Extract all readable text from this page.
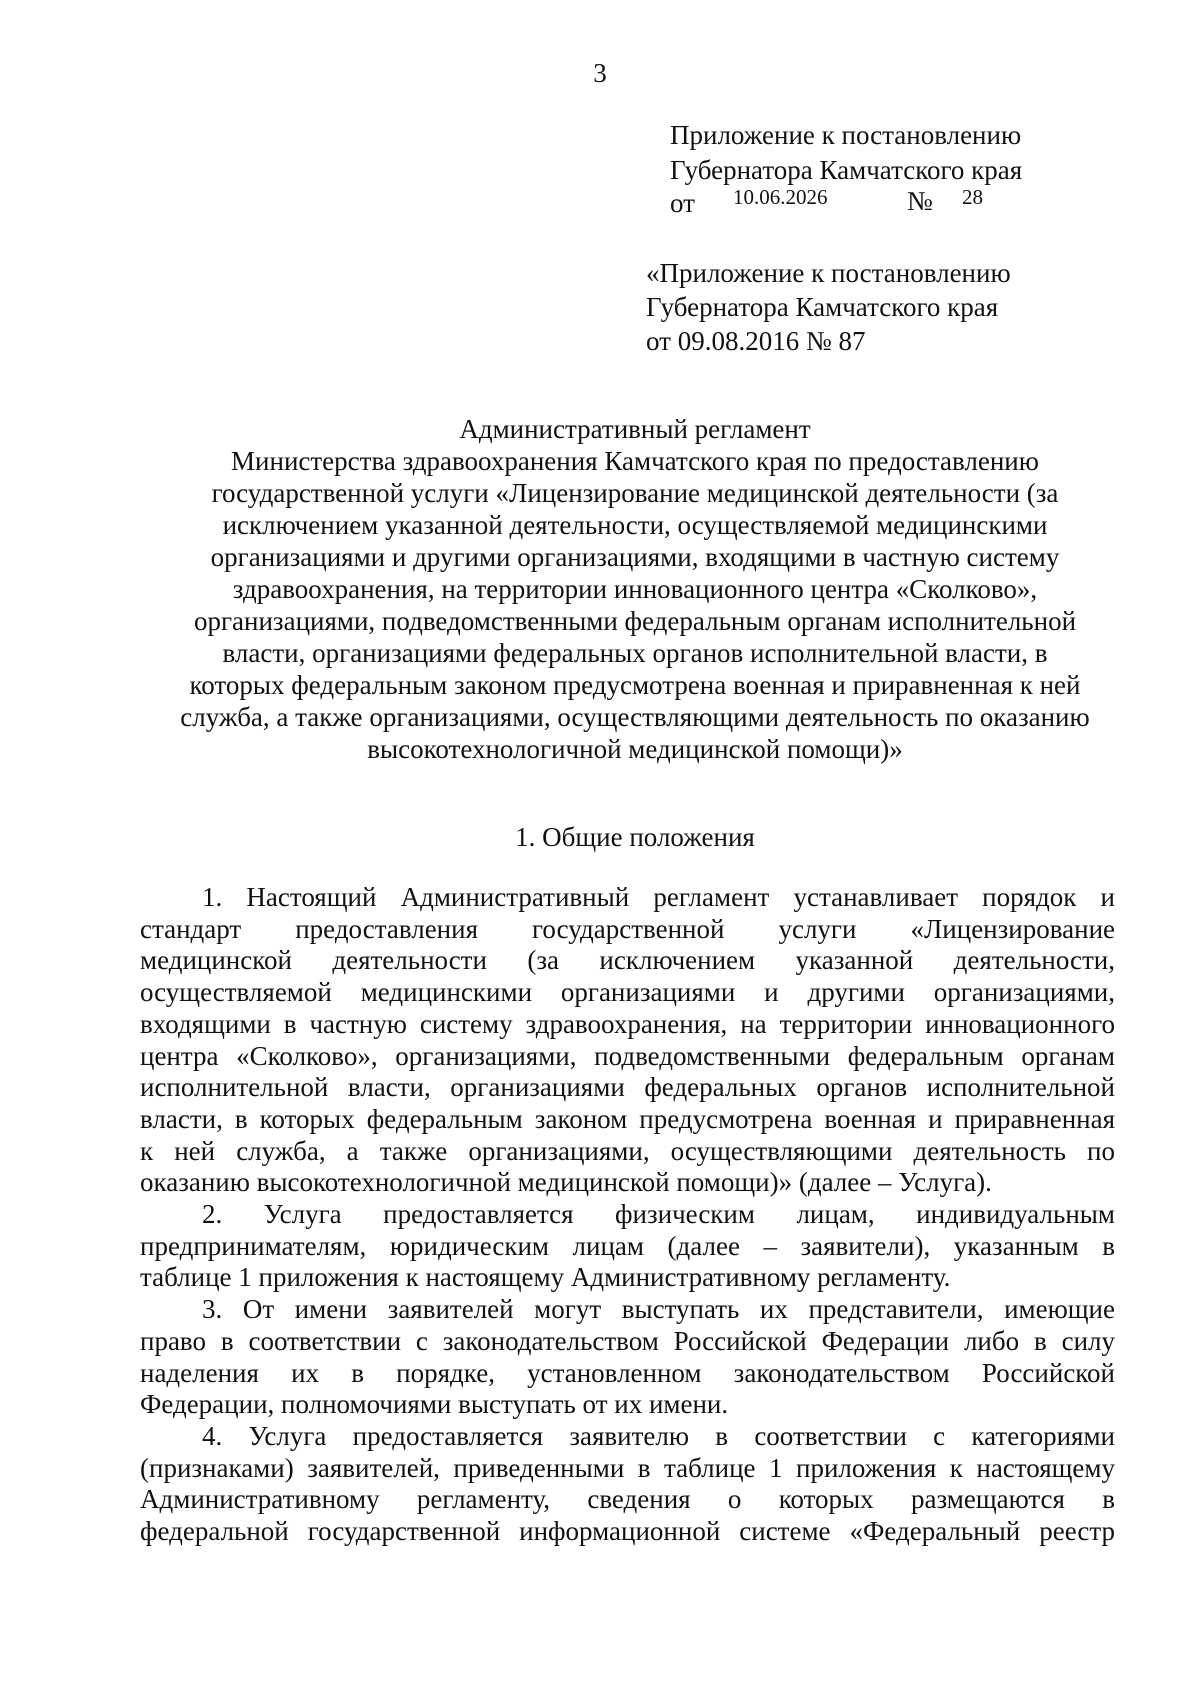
3
Приложение к постановлению
Губернатора Камчатского края
от 10.06.2026	№ 28
«Приложение к постановлению
Губернатора Камчатского края
от 09.08.2016 № 87
Административный регламент
Министерства здравоохранения Камчатского края по предоставлению
государственной услуги «Лицензирование медицинской деятельности (за
исключением указанной деятельности, осуществляемой медицинскими
организациями и другими организациями, входящими в частную систему
здравоохранения, на территории инновационного центра «Сколково»,
организациями, подведомственными федеральным органам исполнительной
власти, организациями федеральных органов исполнительной власти, в
которых федеральным законом предусмотрена военная и приравненная к ней
служба, а также организациями, осуществляющими деятельность по оказанию
высокотехнологичной медицинской помощи)»
1. Общие положения
1. Настоящий Административный регламент устанавливает порядок и
стандарт предоставления государственной услуги «Лицензирование
медицинской деятельности (за исключением указанной деятельности,
осуществляемой медицинскими организациями и другими организациями,
входящими в частную систему здравоохранения, на территории инновационного
центра «Сколково», организациями, подведомственными федеральным органам
исполнительной власти, организациями федеральных органов исполнительной
власти, в которых федеральным законом предусмотрена военная и приравненная
к ней служба, а также организациями, осуществляющими деятельность по
оказанию высокотехнологичной медицинской помощи)» (далее – Услуга).
2. Услуга предоставляется физическим лицам, индивидуальным
предпринимателям, юридическим лицам (далее – заявители), указанным в
таблице 1 приложения к настоящему Административному регламенту.
3. От имени заявителей могут выступать их представители, имеющие
право в соответствии с законодательством Российской Федерации либо в силу
наделения их в порядке, установленном законодательством Российской
Федерации, полномочиями выступать от их имени.
4. Услуга предоставляется заявителю в соответствии с категориями
(признаками) заявителей, приведенными в таблице 1 приложения к настоящему
Административному регламенту, сведения о которых размещаются в
федеральной государственной информационной системе «Федеральный реестр
